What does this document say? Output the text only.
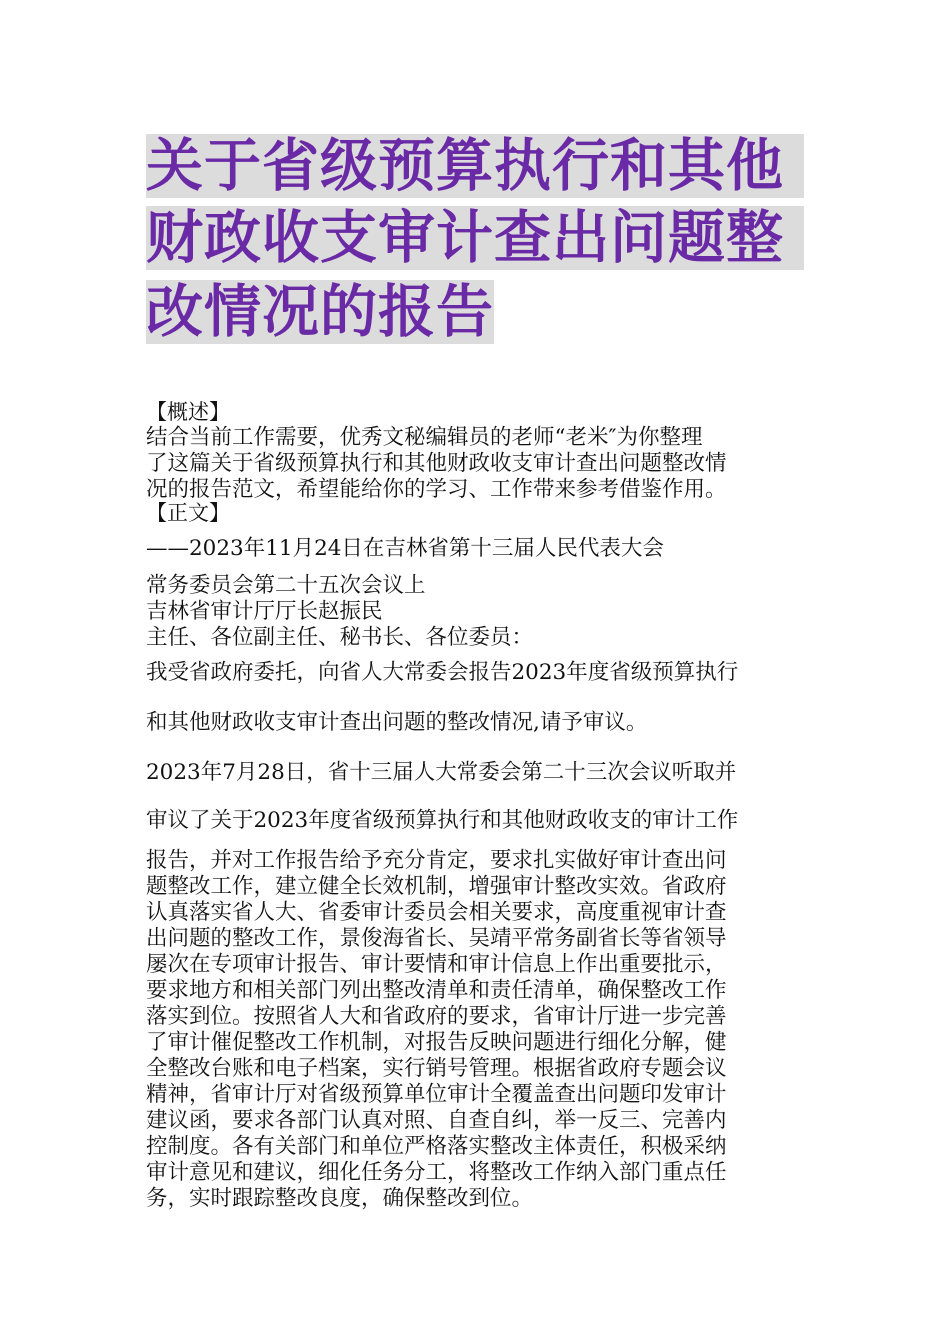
关于省级预算执行和其他
财政收支审计查出问题整
改情况的报告
【概述】
结合当前工作需要，优秀文秘编辑员的老师“老米″为你整理
了这篇关于省级预算执行和其他财政收支审计查出问题整改情
况的报告范文，希望能给你的学习、工作带来参考借鉴作用。
【正文】
——2023年11月24日在吉林省第十三届人民代表大会
常务委员会第二十五次会议上
吉林省审计厅厅长赵振民
主任、各位副主任、秘书长、各位委员：
我受省政府委托，向省人大常委会报告2023年度省级预算执行
和其他财政收支审计查出问题的整改情况,请予审议。
2023年7月28日，省十三届人大常委会第二十三次会议听取并
审议了关于2023年度省级预算执行和其他财政收支的审计工作
报告，并对工作报告给予充分肯定，要求扎实做好审计查出问
题整改工作，建立健全长效机制，增强审计整改实效。省政府
认真落实省人大、省委审计委员会相关要求，高度重视审计查
出问题的整改工作，景俊海省长、吴靖平常务副省长等省领导
屡次在专项审计报告、审计要情和审计信息上作出重要批示，
要求地方和相关部门列出整改清单和责任清单，确保整改工作
落实到位。按照省人大和省政府的要求，省审计厅进一步完善
了审计催促整改工作机制，对报告反映问题进行细化分解，健
全整改台账和电子档案，实行销号管理。根据省政府专题会议
精神，省审计厅对省级预算单位审计全覆盖查出问题印发审计
建议函，要求各部门认真对照、自查自纠，举一反三、完善内
控制度。各有关部门和单位严格落实整改主体责任，积极采纳
审计意见和建议，细化任务分工，将整改工作纳入部门重点任
务，实时跟踪整改良度，确保整改到位。
